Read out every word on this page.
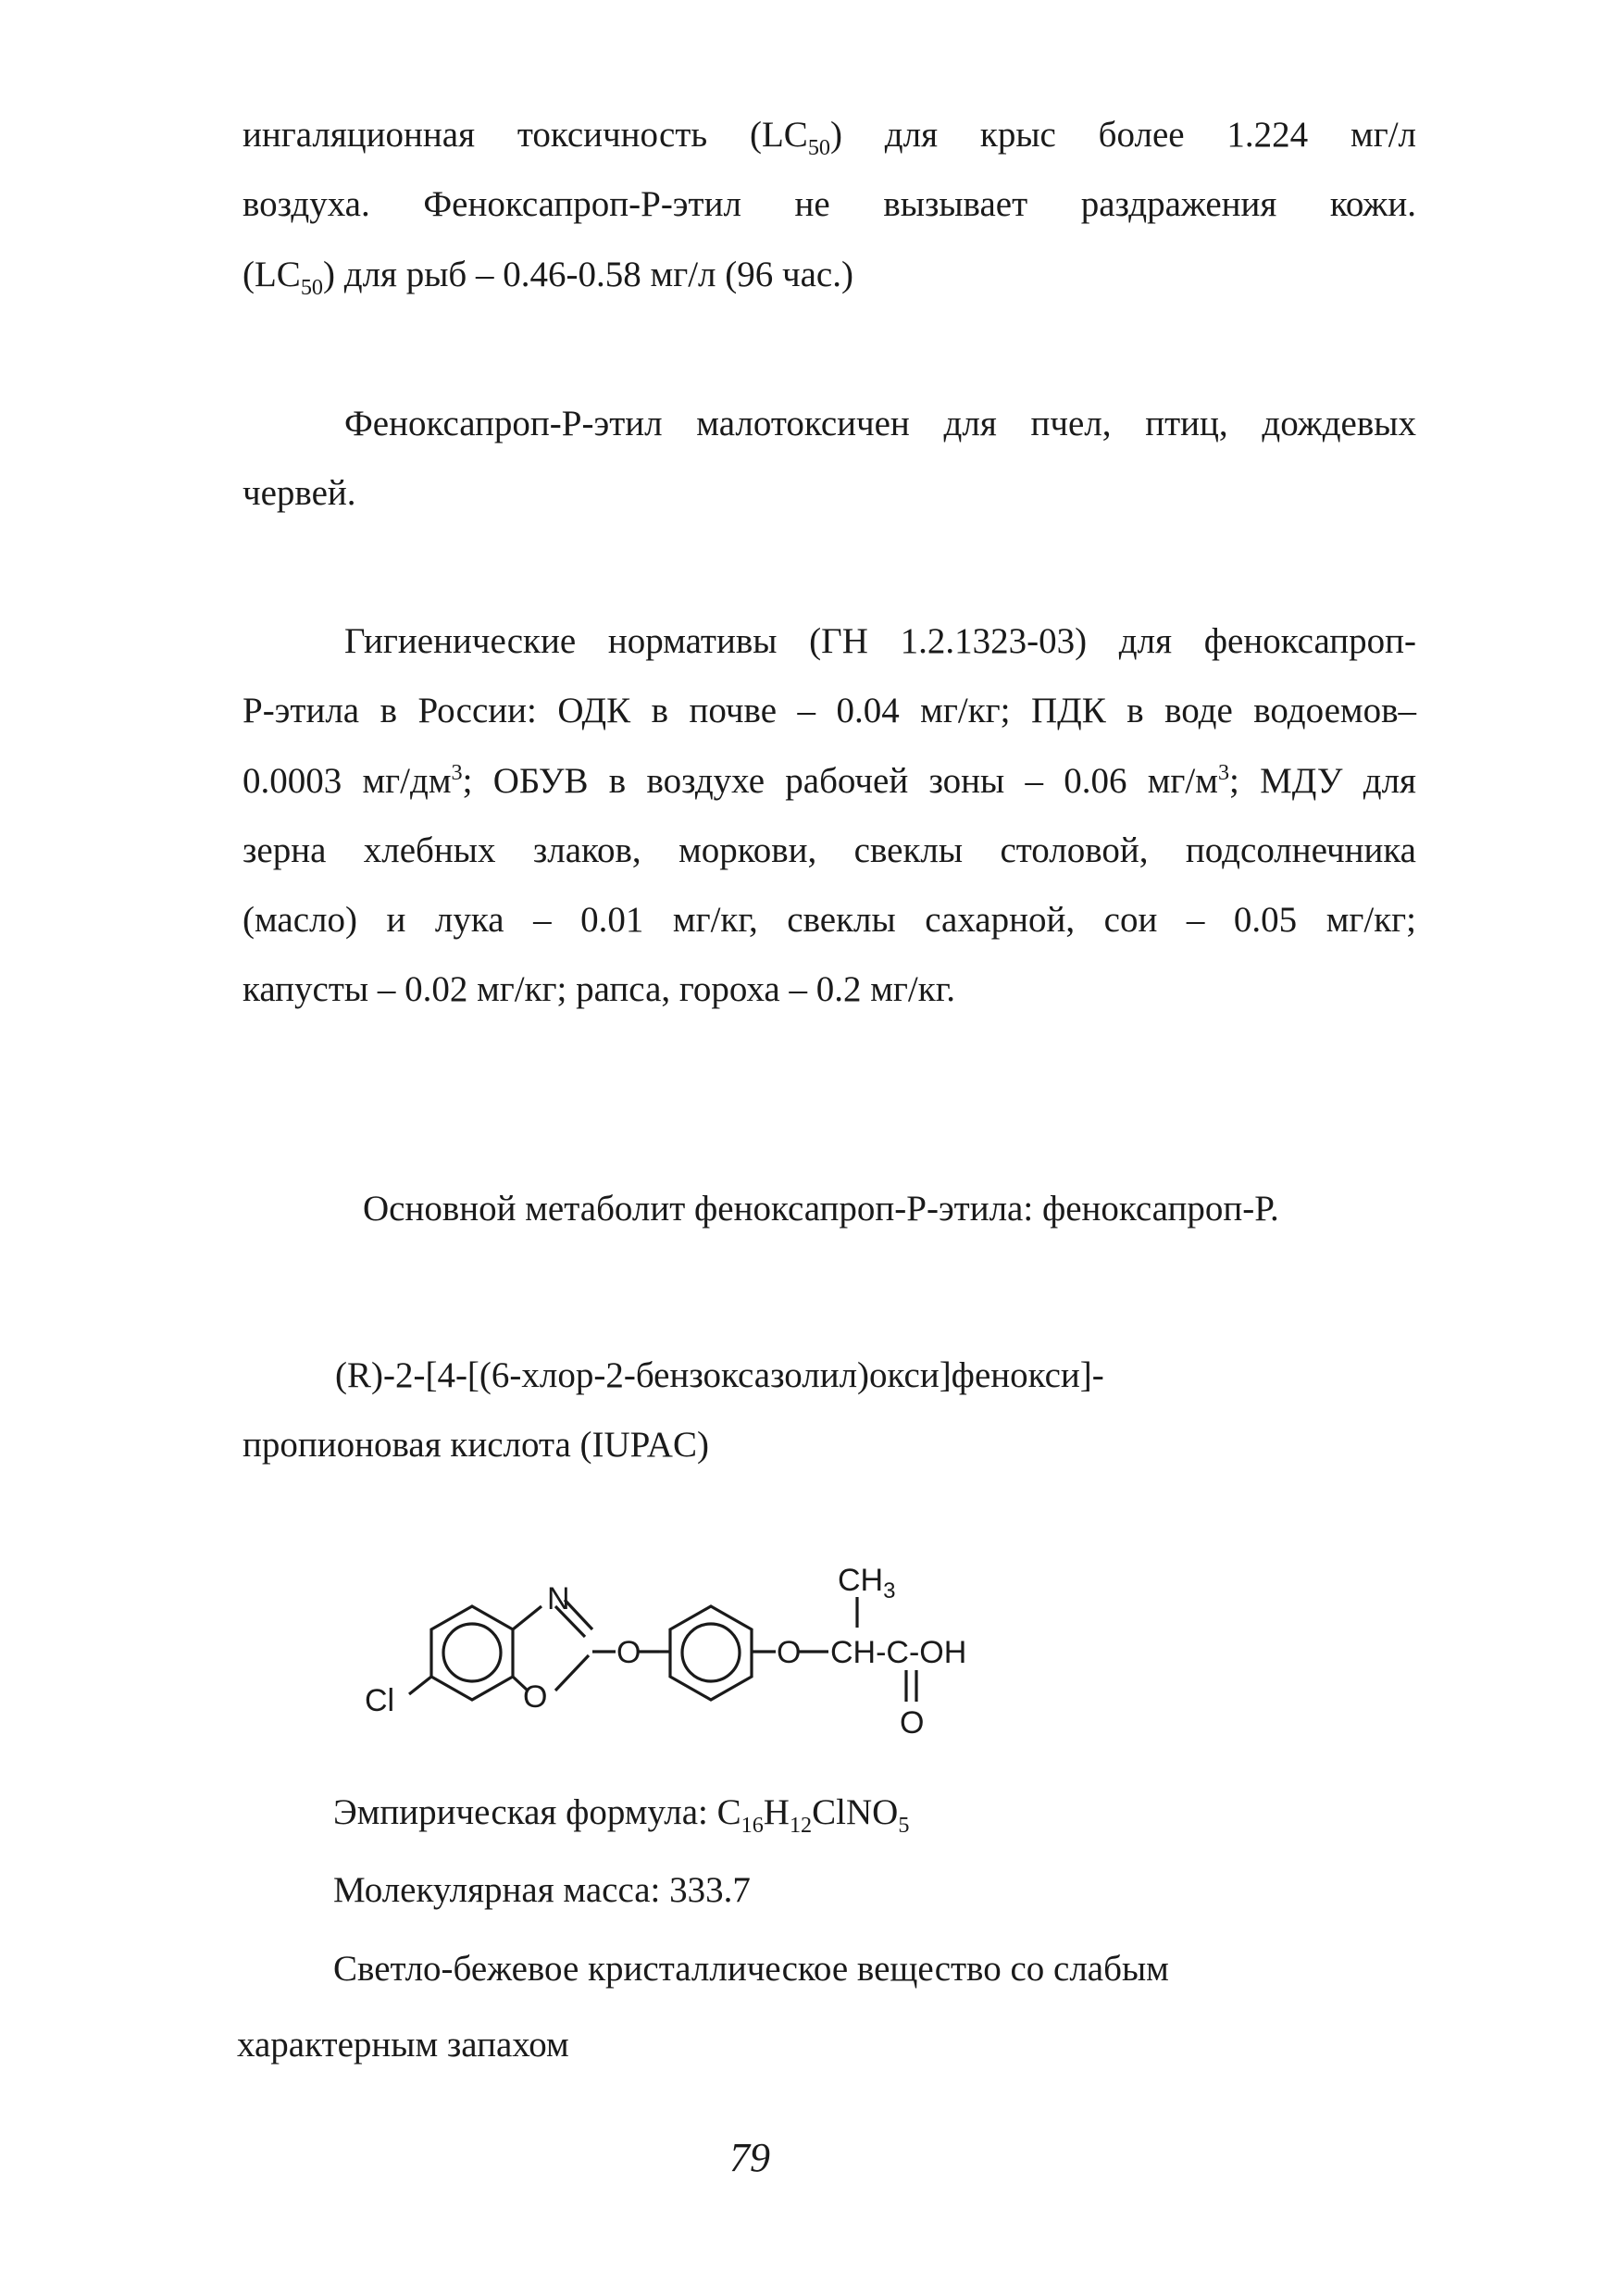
ингаляционная токсичность $(LC_{50})$ для крыс более 1.224 мг/л
воздуха. Феноксапроп-Р-этил не вызывает раздражения кожи.
$(LC_{50})$ для рыб – 0.46-0.58 мг/л (96 час.)
Феноксапроп-Р-этил малотоксичен для пчел, птиц, дождевых
червей.
Гигиенические нормативы (ГН 1.2.1323-03) для феноксапроп-
Р-этила в России: ОДК в почве – 0.04 мг/кг; ПДК в воде водоемов–
0.0003 $мг/дм^3$; ОБУВ в воздухе рабочей зоны – 0.06 $мг/м^3$; МДУ для
зерна хлебных злаков, моркови, свеклы столовой, подсолнечника
(масло) и лука – 0.01 мг/кг, свеклы сахарной, сои – 0.05 мг/кг;
капусты – 0.02 мг/кг; рапса, гороха – 0.2 мг/кг.
Основной метаболит феноксапроп-Р-этила: феноксапроп-Р.
(R)-2-[4-[(6-хлор-2-бензоксазолил)окси]фенокси]-
пропионовая кислота (IUPAC)
N
O
Cl
O	O
$CH_3$
CH-C-OH
O

Эмпирическая формула: $C_{16}H_{12}ClNO_5$

Молекулярная масса: 333.7

Светло-бежевое кристаллическое вещество со слабым

характерным запахом

79
